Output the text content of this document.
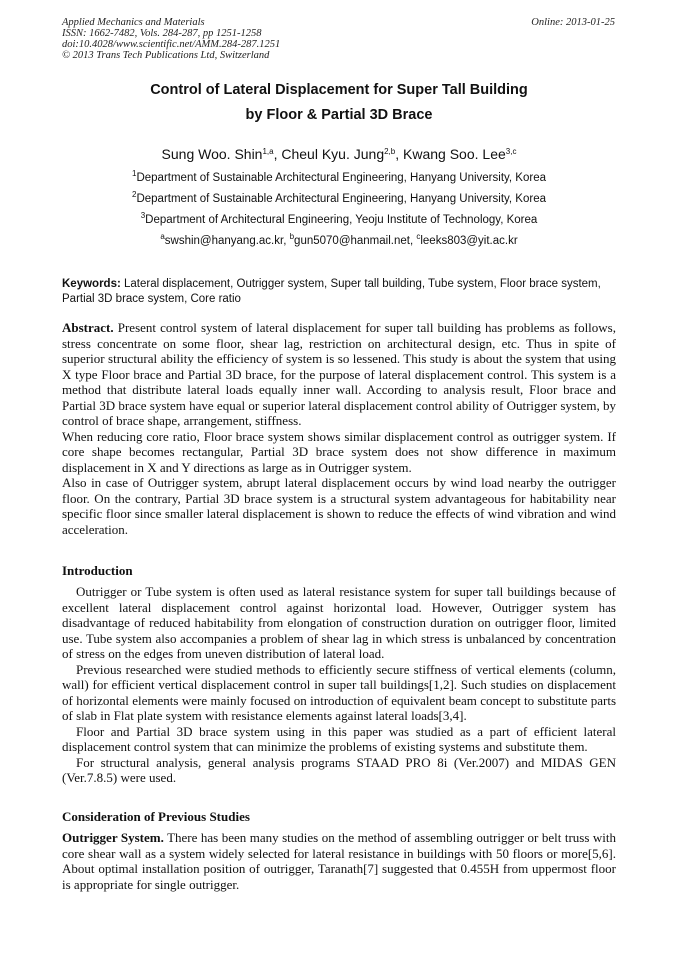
Applied Mechanics and Materials
ISSN: 1662-7482, Vols. 284-287, pp 1251-1258
doi:10.4028/www.scientific.net/AMM.284-287.1251
© 2013 Trans Tech Publications Ltd, Switzerland
Online: 2013-01-25
Control of Lateral Displacement for Super Tall Building
by Floor & Partial 3D Brace
Sung Woo. Shin$^{1,a}$, Cheul Kyu. Jung$^{2,b}$, Kwang Soo. Lee$^{3,c}$
$^1$Department of Sustainable Architectural Engineering, Hanyang University, Korea
$^2$Department of Sustainable Architectural Engineering, Hanyang University, Korea
$^3$Department of Architectural Engineering, Yeoju Institute of Technology, Korea
$^a$swshin@hanyang.ac.kr, $^b$gun5070@hanmail.net, $^c$leeks803@yit.ac.kr
Keywords: Lateral displacement, Outrigger system, Super tall building, Tube system, Floor brace system, Partial 3D brace system, Core ratio

Abstract. Present control system of lateral displacement for super tall building has problems as follows, stress concentrate on some floor, shear lag, restriction on architectural design, etc. Thus in spite of superior structural ability the efficiency of system is so lessened. This study is about the system that using X type Floor brace and Partial 3D brace, for the purpose of lateral displacement control. This system is a method that distribute lateral loads equally inner wall. According to analysis result, Floor brace and Partial 3D brace system have equal or superior lateral displacement control ability of Outrigger system, by control of brace shape, arrangement, stiffness.

When reducing core ratio, Floor brace system shows similar displacement control as outrigger system. If core shape becomes rectangular, Partial 3D brace system does not show difference in maximum displacement in X and Y directions as large as in Outrigger system.

Also in case of Outrigger system, abrupt lateral displacement occurs by wind load nearby the outrigger floor. On the contrary, Partial 3D brace system is a structural system advantageous for habitability near specific floor since smaller lateral displacement is shown to reduce the effects of wind vibration and wind acceleration.

Introduction

Outrigger or Tube system is often used as lateral resistance system for super tall buildings because of excellent lateral displacement control against horizontal load. However, Outrigger system has disadvantage of reduced habitability from elongation of construction duration on outrigger floor, limited use. Tube system also accompanies a problem of shear lag in which stress is unbalanced by concentration of stress on the edges from uneven distribution of lateral load.

Previous researched were studied methods to efficiently secure stiffness of vertical elements (column, wall) for efficient vertical displacement control in super tall buildings[1,2]. Such studies on displacement of horizontal elements were mainly focused on introduction of equivalent beam concept to substitute parts of slab in Flat plate system with resistance elements against lateral loads[3,4].

Floor and Partial 3D brace system using in this paper was studied as a part of efficient lateral displacement control system that can minimize the problems of existing systems and substitute them.

For structural analysis, general analysis programs STAAD PRO 8i (Ver.2007) and MIDAS GEN (Ver.7.8.5) were used.

Consideration of Previous Studies

Outrigger System. There has been many studies on the method of assembling outrigger or belt truss with core shear wall as a system widely selected for lateral resistance in buildings with 50 floors or more[5,6]. About optimal installation position of outrigger, Taranath[7] suggested that 0.455H from uppermost floor is appropriate for single outrigger.
